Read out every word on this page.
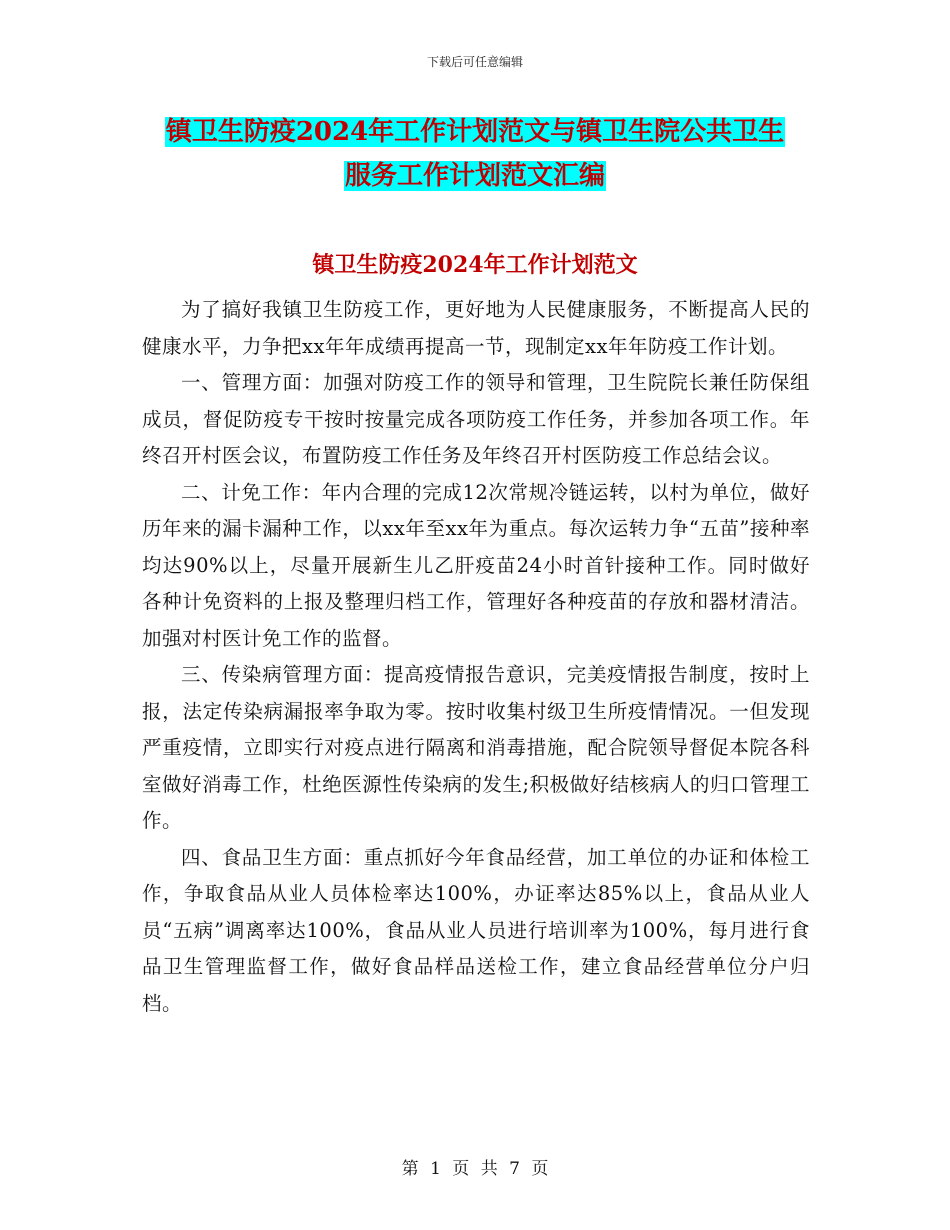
下载后可任意编辑
镇卫生防疫2024年工作计划范文与镇卫生院公共卫生
服务工作计划范文汇编
镇卫生防疫2024年工作计划范文

为了搞好我镇卫生防疫工作，更好地为人民健康服务，不断提高人民的健康水平，力争把xx年年成绩再提高一节，现制定xx年年防疫工作计划。

一、管理方面：加强对防疫工作的领导和管理，卫生院院长兼任防保组成员，督促防疫专干按时按量完成各项防疫工作任务，并参加各项工作。年终召开村医会议，布置防疫工作任务及年终召开村医防疫工作总结会议。

二、计免工作：年内合理的完成12次常规冷链运转，以村为单位，做好历年来的漏卡漏种工作，以xx年至xx年为重点。每次运转力争“五苗”接种率均达90%以上，尽量开展新生儿乙肝疫苗24小时首针接种工作。同时做好各种计免资料的上报及整理归档工作，管理好各种疫苗的存放和器材清洁。加强对村医计免工作的监督。

三、传染病管理方面：提高疫情报告意识，完美疫情报告制度，按时上报，法定传染病漏报率争取为零。按时收集村级卫生所疫情情况。一但发现严重疫情，立即实行对疫点进行隔离和消毒措施，配合院领导督促本院各科室做好消毒工作，杜绝医源性传染病的发生;积极做好结核病人的归口管理工作。

四、食品卫生方面：重点抓好今年食品经营，加工单位的办证和体检工作，争取食品从业人员体检率达100%，办证率达85%以上，食品从业人员“五病”调离率达100%，食品从业人员进行培训率为100%，每月进行食品卫生管理监督工作，做好食品样品送检工作，建立食品经营单位分户归档。

第 1 页 共 7 页
